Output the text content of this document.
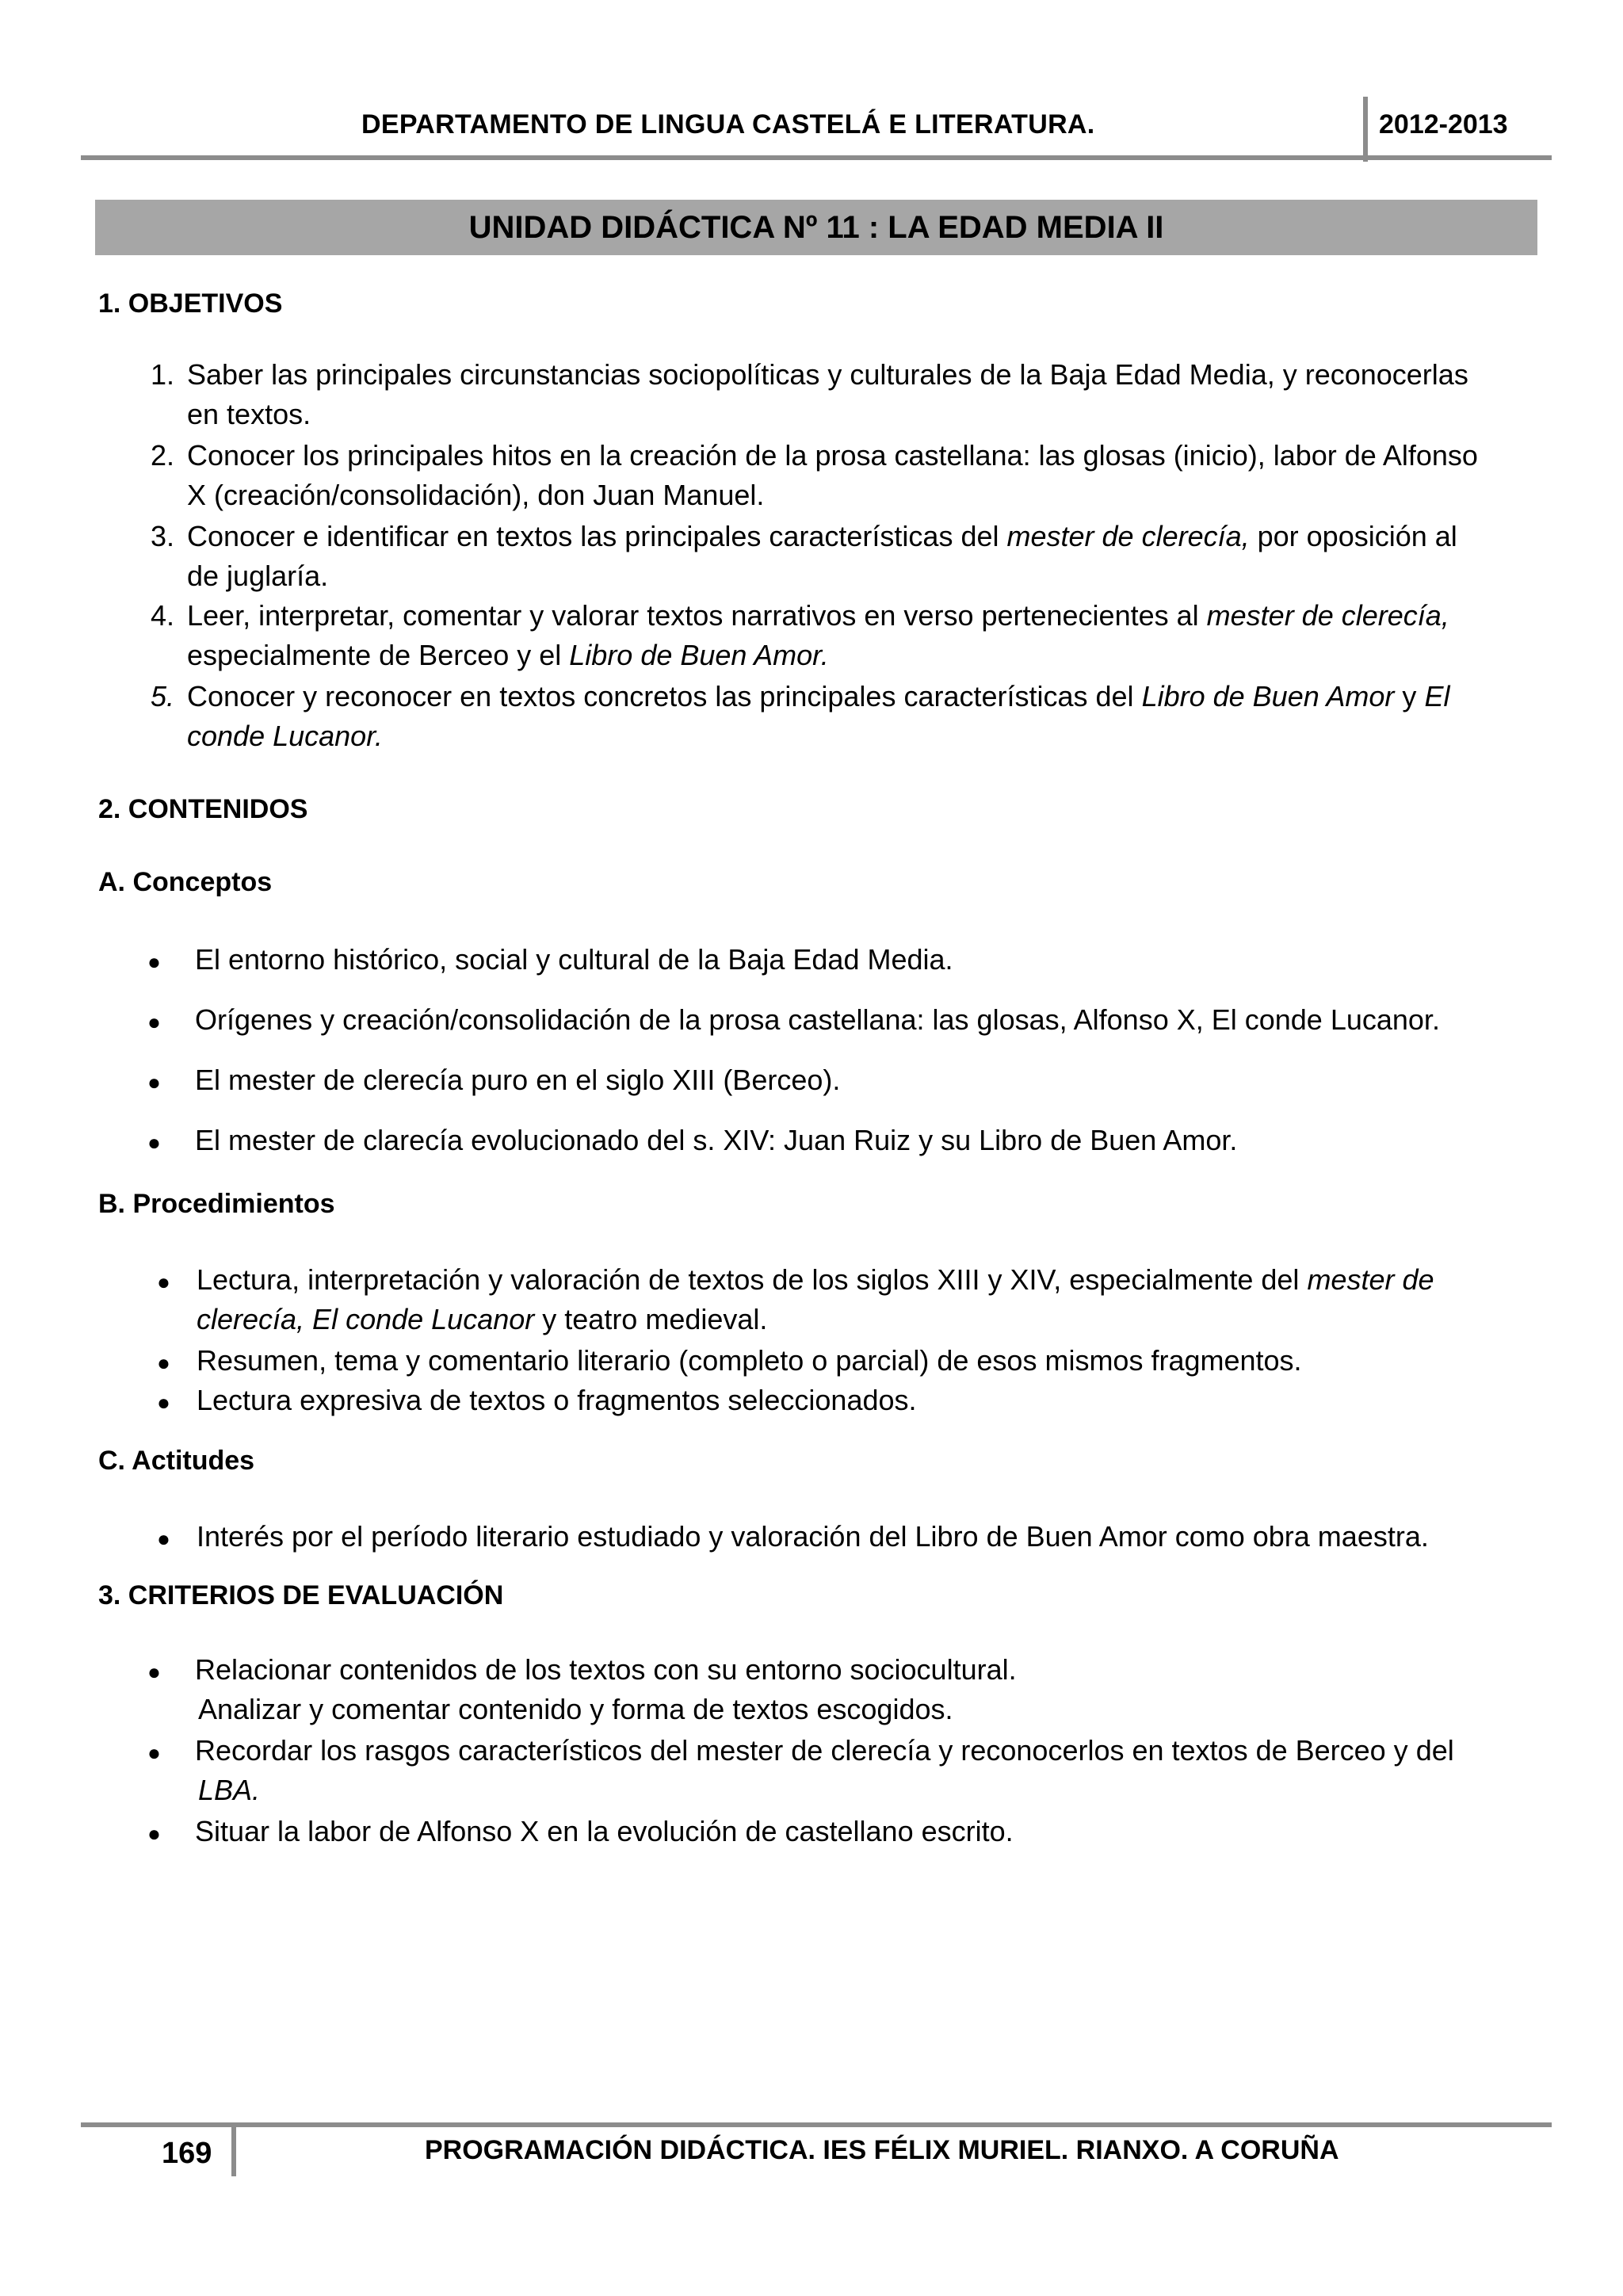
DEPARTAMENTO DE LINGUA CASTELÁ E LITERATURA.	2012-2013
UNIDAD DIDÁCTICA Nº 11 : LA EDAD MEDIA II
1. OBJETIVOS
1. Saber las principales circunstancias sociopolíticas y culturales de la Baja Edad Media, y reconocerlas
en textos.
2. Conocer los principales hitos en la creación de la prosa castellana: las glosas (inicio), labor de Alfonso
X (creación/consolidación), don Juan Manuel.
3. Conocer e identificar en textos las principales características del mester de clerecía, por oposición al
de juglaría.
4. Leer, interpretar, comentar y valorar textos narrativos en verso pertenecientes al mester de clerecía,
especialmente de Berceo y el Libro de Buen Amor.
5. Conocer y reconocer en textos concretos las principales características del Libro de Buen Amor y El
conde Lucanor.
2. CONTENIDOS
A. Conceptos
● El entorno histórico, social y cultural de la Baja Edad Media.
● Orígenes y creación/consolidación de la prosa castellana: las glosas, Alfonso X, El conde Lucanor.
● El mester de clerecía puro en el siglo XIII (Berceo).
● El mester de clarecía evolucionado del s. XIV: Juan Ruiz y su Libro de Buen Amor.
B. Procedimientos
● Lectura, interpretación y valoración de textos de los siglos XIII y XIV, especialmente del mester de
clerecía, El conde Lucanor y teatro medieval.
● Resumen, tema y comentario literario (completo o parcial) de esos mismos fragmentos.
● Lectura expresiva de textos o fragmentos seleccionados.
C. Actitudes
● Interés por el período literario estudiado y valoración del Libro de Buen Amor como obra maestra.
3. CRITERIOS DE EVALUACIÓN
● Relacionar contenidos de los textos con su entorno sociocultural.
Analizar y comentar contenido y forma de textos escogidos.
● Recordar los rasgos característicos del mester de clerecía y reconocerlos en textos de Berceo y del
LBA.
● Situar la labor de Alfonso X en la evolución de castellano escrito.
169	PROGRAMACIÓN DIDÁCTICA. IES FÉLIX MURIEL. RIANXO. A CORUÑA
